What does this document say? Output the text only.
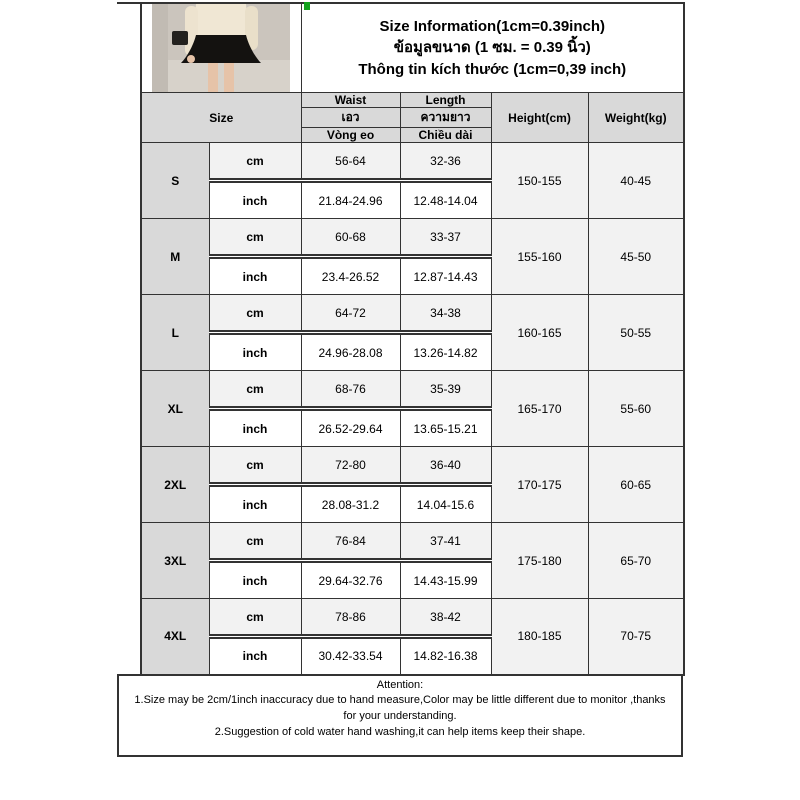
Size Information(1cm=0.39inch)
ข้อมูลขนาด (1 ซม. = 0.39 นิ้ว)
Thông tin kích thước (1cm=0,39 inch)			

Size		Waist	Length	Height(cm)	Weight(kg)
		เอว	ความยาว		
		Vòng eo	Chiều dài		
S	cm	56-64	32-36	150-155	40-45
	inch	21.84-24.96	12.48-14.04		
M	cm	60-68	33-37	155-160	45-50
	inch	23.4-26.52	12.87-14.43		
L	cm	64-72	34-38	160-165	50-55
	inch	24.96-28.08	13.26-14.82		
XL	cm	68-76	35-39	165-170	55-60
	inch	26.52-29.64	13.65-15.21		
2XL	cm	72-80	36-40	170-175	60-65
	inch	28.08-31.2	14.04-15.6		
3XL	cm	76-84	37-41	175-180	65-70
	inch	29.64-32.76	14.43-15.99		
4XL	cm	78-86	38-42	180-185	70-75
	inch	30.42-33.54	14.82-16.38		
Attention:
1.Size may be 2cm/1inch inaccuracy due to hand measure,Color may be little different due to monitor ,thanks for your understanding.
2.Suggestion of cold water hand washing,it can help items keep their shape.
